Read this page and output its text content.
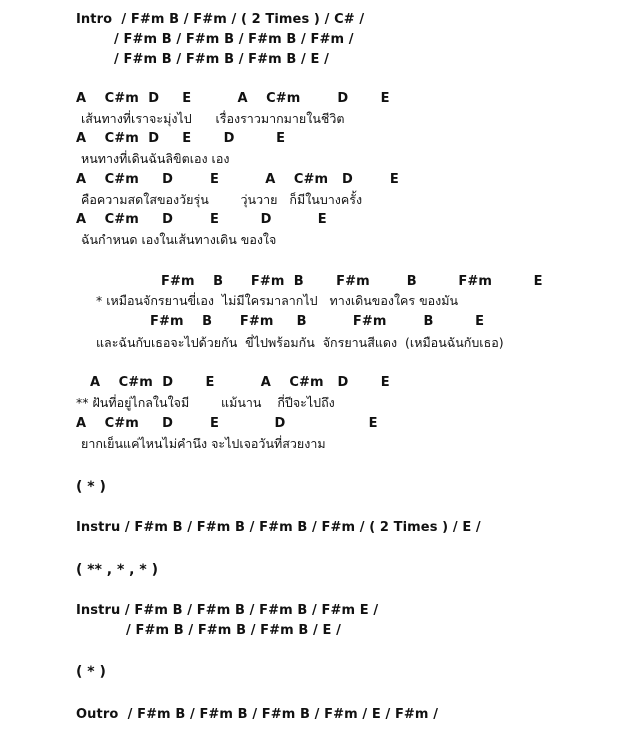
Intro  / F#m B / F#m / ( 2 Times ) / C# /
/ F#m B / F#m B / F#m B / F#m /
/ F#m B / F#m B / F#m B / E /
A    C#m  D     E          A    C#m        D       E
เส้นทางที่เราจะมุ่งไป      เรื่องราวมากมายในชีวิต
A    C#m  D     E       D         E
หนทางที่เดินฉันลิขิตเอง เอง
A    C#m     D        E          A    C#m   D        E
คือความสดใสของวัยรุ่น        วุ่นวาย   ก็มีในบางครั้ง
A    C#m     D        E         D          E
ฉันกำหนด เองในเส้นทางเดิน ของใจ
F#m    B      F#m  B       F#m        B         F#m         E
* เหมือนจักรยานขี่เอง  ไม่มีใครมาลากไป   ทางเดินของใคร ของมัน
F#m    B      F#m     B          F#m        B         E
และฉันกับเธอจะไปด้วยกัน  ขี่ไปพร้อมกัน  จักรยานสีแดง  (เหมือนฉันกับเธอ)
A    C#m  D       E          A    C#m   D       E
** ฝันที่อยู่ไกลในใจมี        แม้นาน    กี่ปีจะไปถึง
A    C#m     D        E            D                  E
ยากเย็นแค่ไหนไม่คำนึง จะไปเจอวันที่สวยงาม
( * )
Instru / F#m B / F#m B / F#m B / F#m / ( 2 Times ) / E /
( ** , * , * )
Instru / F#m B / F#m B / F#m B / F#m E /
/ F#m B / F#m B / F#m B / E /
( * )
Outro  / F#m B / F#m B / F#m B / F#m / E / F#m /
